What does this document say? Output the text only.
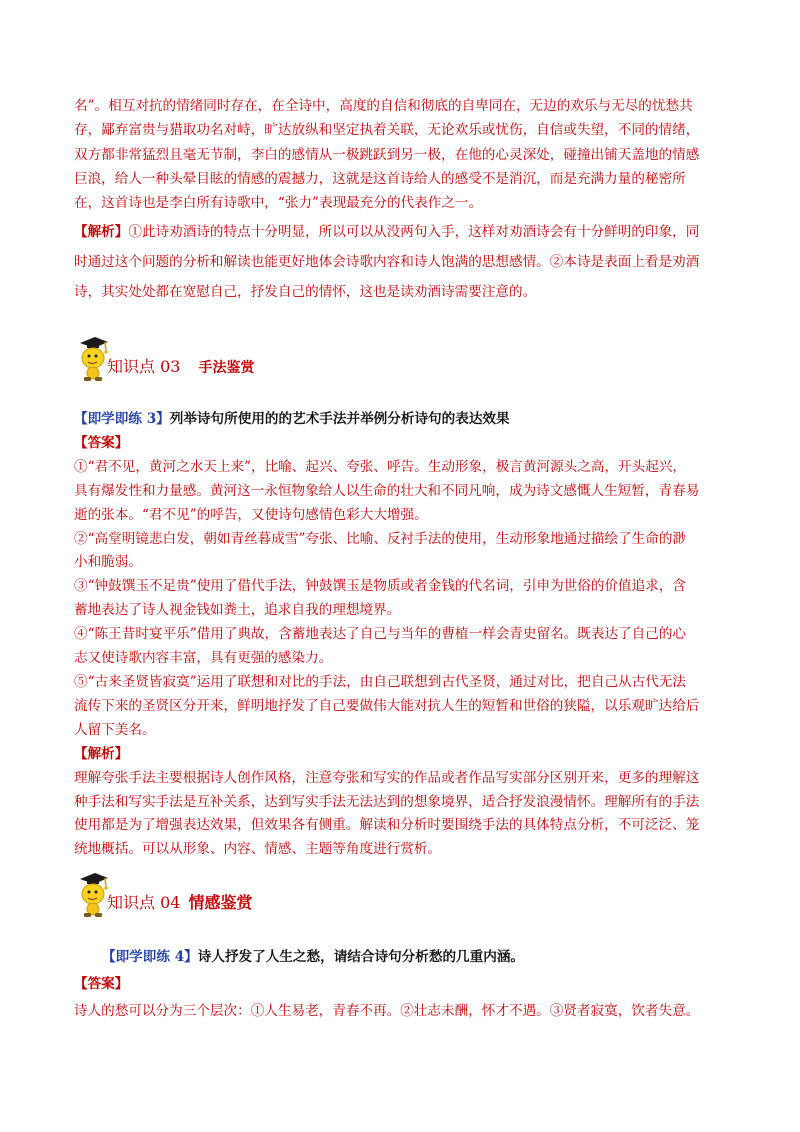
名”。相互对抗的情绪同时存在，在全诗中，高度的自信和彻底的自卑同在，无边的欢乐与无尽的忧愁共
存，鄙弃富贵与猎取功名对峙，旷达放纵和坚定执着关联，无论欢乐或忧伤，自信或失望，不同的情绪，
双方都非常猛烈且毫无节制，李白的感情从一极跳跃到另一极，在他的心灵深处，碰撞出铺天盖地的情感
巨浪，给人一种头晕目眩的情感的震撼力，这就是这首诗给人的感受不是消沉，而是充满力量的秘密所
在，这首诗也是李白所有诗歌中，“张力”表现最充分的代表作之一。
【解析】①此诗劝酒诗的特点十分明显，所以可以从没两句入手，这样对劝酒诗会有十分鲜明的印象，同
时通过这个问题的分析和解读也能更好地体会诗歌内容和诗人饱满的思想感情。②本诗是表面上看是劝酒
诗，其实处处都在宽慰自己，抒发自己的情怀，这也是读劝酒诗需要注意的。
知识点 03 手法鉴赏
【即学即练 3】列举诗句所使用的的艺术手法并举例分析诗句的表达效果
【答案】
①“君不见，黄河之水天上来”，比喻、起兴、夸张、呼告。生动形象，极言黄河源头之高，开头起兴，
具有爆发性和力量感。黄河这一永恒物象给人以生命的壮大和不同凡响，成为诗文感慨人生短暂，青春易
逝的张本。“君不见”的呼告，又使诗句感情色彩大大增强。
②“高堂明镜悲白发，朝如青丝暮成雪”夸张、比喻、反衬手法的使用，生动形象地通过描绘了生命的渺
小和脆弱。
③“钟鼓馔玉不足贵”使用了借代手法，钟鼓馔玉是物质或者金钱的代名词，引申为世俗的价值追求，含
蓄地表达了诗人视金钱如粪土，追求自我的理想境界。
④“陈王昔时宴平乐”借用了典故，含蓄地表达了自己与当年的曹植一样会青史留名。既表达了自己的心
志又使诗歌内容丰富，具有更强的感染力。
⑤“古来圣贤皆寂寞”运用了联想和对比的手法，由自己联想到古代圣贤，通过对比，把自己从古代无法
流传下来的圣贤区分开来，鲜明地抒发了自己要做伟大能对抗人生的短暂和世俗的狭隘，以乐观旷达给后
人留下美名。
【解析】
理解夸张手法主要根据诗人创作风格，注意夸张和写实的作品或者作品写实部分区别开来，更多的理解这
种手法和写实手法是互补关系，达到写实手法无法达到的想象境界，适合抒发浪漫情怀。理解所有的手法
使用都是为了增强表达效果，但效果各有侧重。解读和分析时要围绕手法的具体特点分析，不可泛泛、笼
统地概括。可以从形象、内容、情感、主题等角度进行赏析。
知识点 04 情感鉴赏
【即学即练 4】诗人抒发了人生之愁，请结合诗句分析愁的几重内涵。
【答案】
诗人的愁可以分为三个层次：①人生易老，青春不再。②壮志未酬，怀才不遇。③贤者寂寞，饮者失意。
